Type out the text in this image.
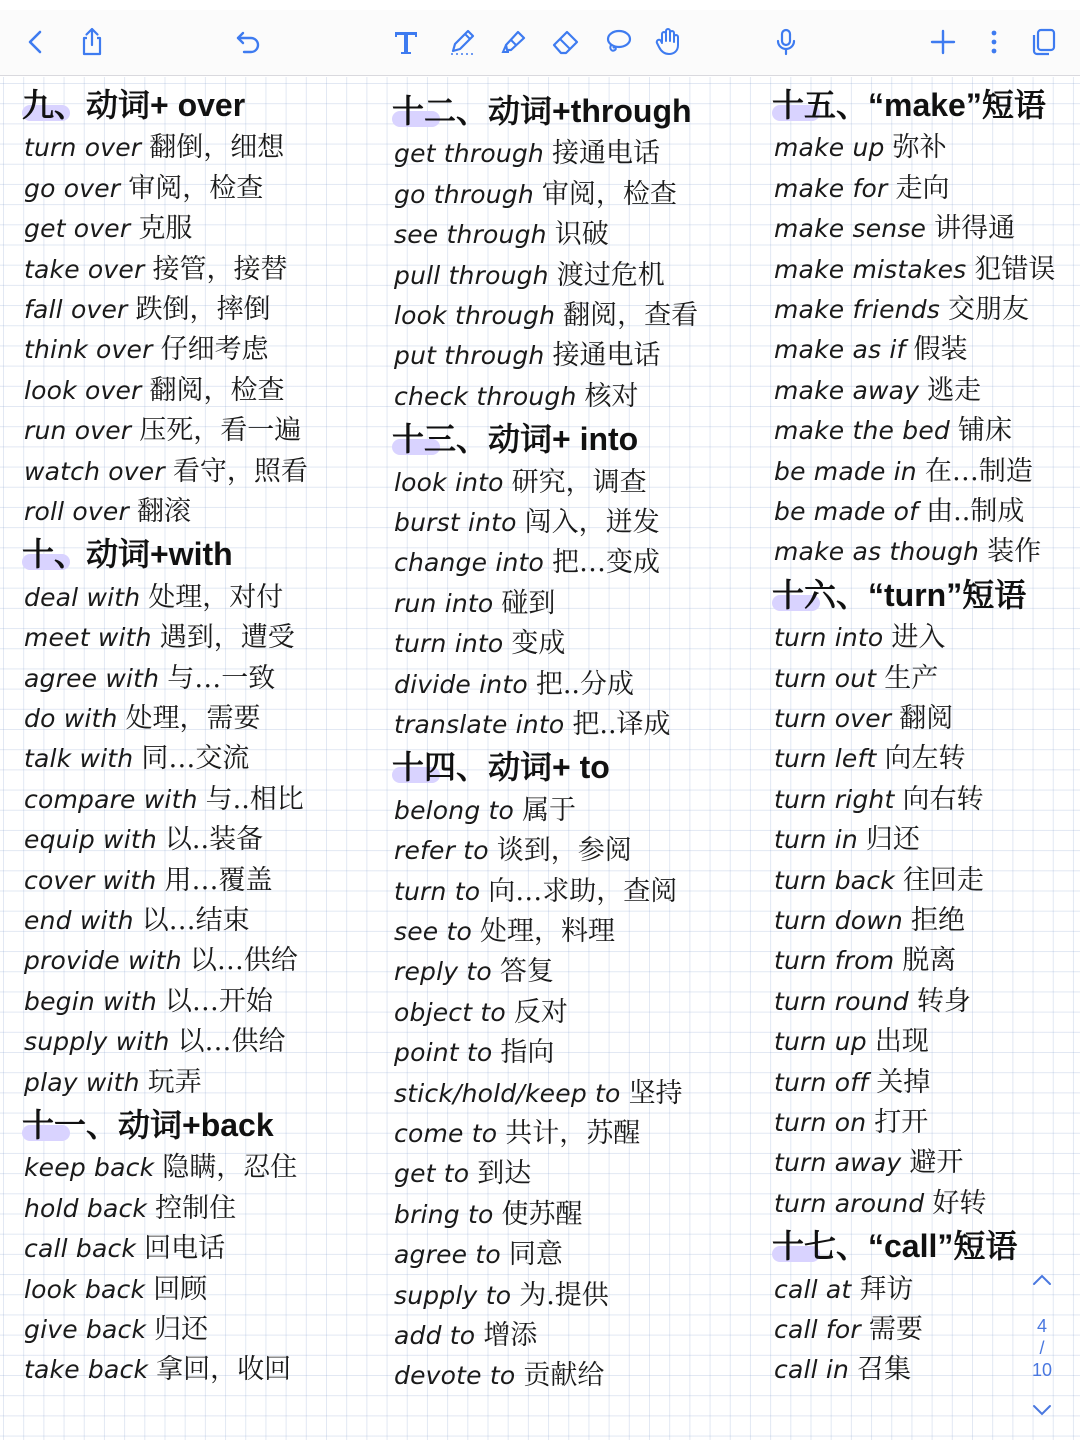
九、动词+ over
turn over 翻倒，细想
go over 审阅，检查
get over 克服
take over 接管，接替
fall over 跌倒，摔倒
think over 仔细考虑
look over 翻阅，检查
run over 压死，看一遍
watch over 看守，照看
roll over 翻滚
十、动词+with
deal with 处理，对付
meet with 遇到，遭受
agree with 与…一致
do with 处理，需要
talk with 同…交流
compare with 与..相比
equip with 以..装备
cover with 用…覆盖
end with 以…结束
provide with 以…供给
begin with 以…开始
supply with 以…供给
play with 玩弄
十一、动词+back
keep back 隐瞒，忍住
hold back 控制住
call back 回电话
look back 回顾
give back 归还
take back 拿回，收回
十二、动词+through
get through 接通电话
go through 审阅，检查
see through 识破
pull through 渡过危机
look through 翻阅，查看
put through 接通电话
check through 核对
十三、动词+ into
look into 研究，调查
burst into 闯入，迸发
change into 把…变成
run into 碰到
turn into 变成
divide into 把..分成
translate into 把..译成
十四、动词+ to
belong to 属于
refer to 谈到，参阅
turn to 向…求助，查阅
see to 处理，料理
reply to 答复
object to 反对
point to 指向
stick/hold/keep to 坚持
come to 共计，苏醒
get to 到达
bring to 使苏醒
agree to 同意
supply to 为.提供
add to 增添
devote to 贡献给
十五、“make”短语
make up 弥补
make for 走向
make sense 讲得通
make mistakes 犯错误
make friends 交朋友
make as if 假装
make away 逃走
make the bed 铺床
be made in 在…制造
be made of 由..制成
make as though 装作
十六、“turn”短语
turn into 进入
turn out 生产
turn over 翻阅
turn left 向左转
turn right 向右转
turn in 归还
turn back 往回走
turn down 拒绝
turn from 脱离
turn round 转身
turn up 出现
turn off 关掉
turn on 打开
turn away 避开
turn around 好转
十七、“call”短语
call at 拜访
call for 需要
call in 召集
4
/
10
